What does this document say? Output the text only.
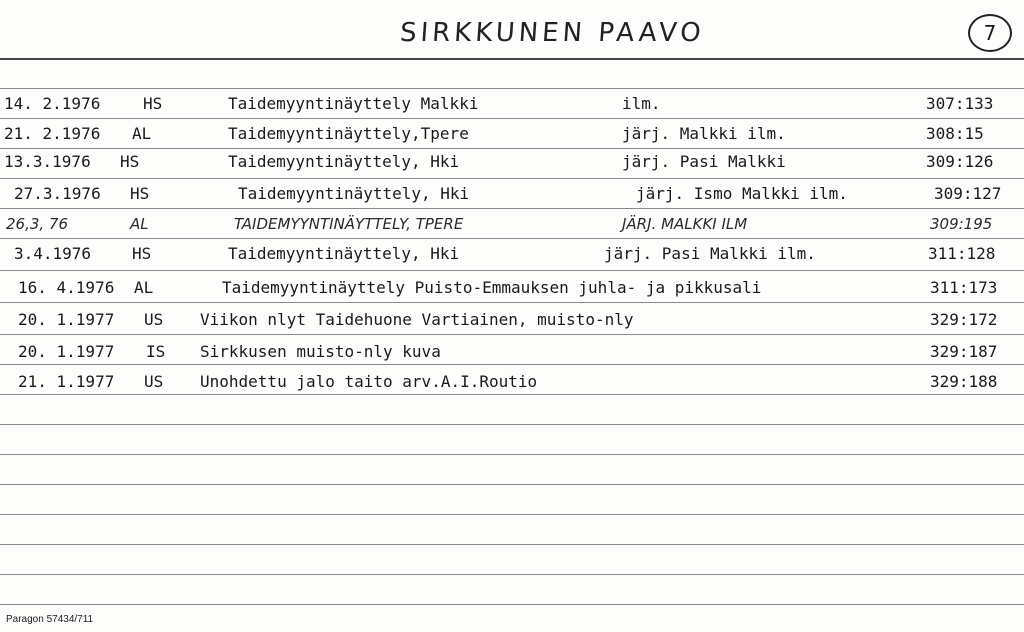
SIRKKUNEN PAAVO	7
14. 2.1976	HS	Taidemyyntinäyttely Malkki	ilm.	307:133
21. 2.1976 AL	Taidemyyntinäyttely,Tpere	järj. Malkki ilm.	308:15
13.3.1976 HS	Taidemyyntinäyttely, Hki	järj. Pasi Malkki	309:126
27.3.1976 HS	Taidemyyntinäyttely, Hki	järj. Ismo Malkki ilm.	309:127
26,3, 76	AL	TAIDEMYYNTINÄYTTELY, TPERE	JÄRJ. MALKKI ILM	309:195
3.4.1976	HS	Taidemyyntinäyttely, Hki	järj. Pasi Malkki ilm.	311:128
16. 4.1976 AL	Taidemyyntinäyttely Puisto-Emmauksen juhla- ja pikkusali	311:173
20. 1.1977 US Viikon nlyt Taidehuone Vartiainen, muisto-nly	329:172
20. 1.1977 IS Sirkkusen muisto-nly kuva	329:187
21. 1.1977 US Unohdettu jalo taito arv.A.I.Routio	329:188
Paragon 57434/711
